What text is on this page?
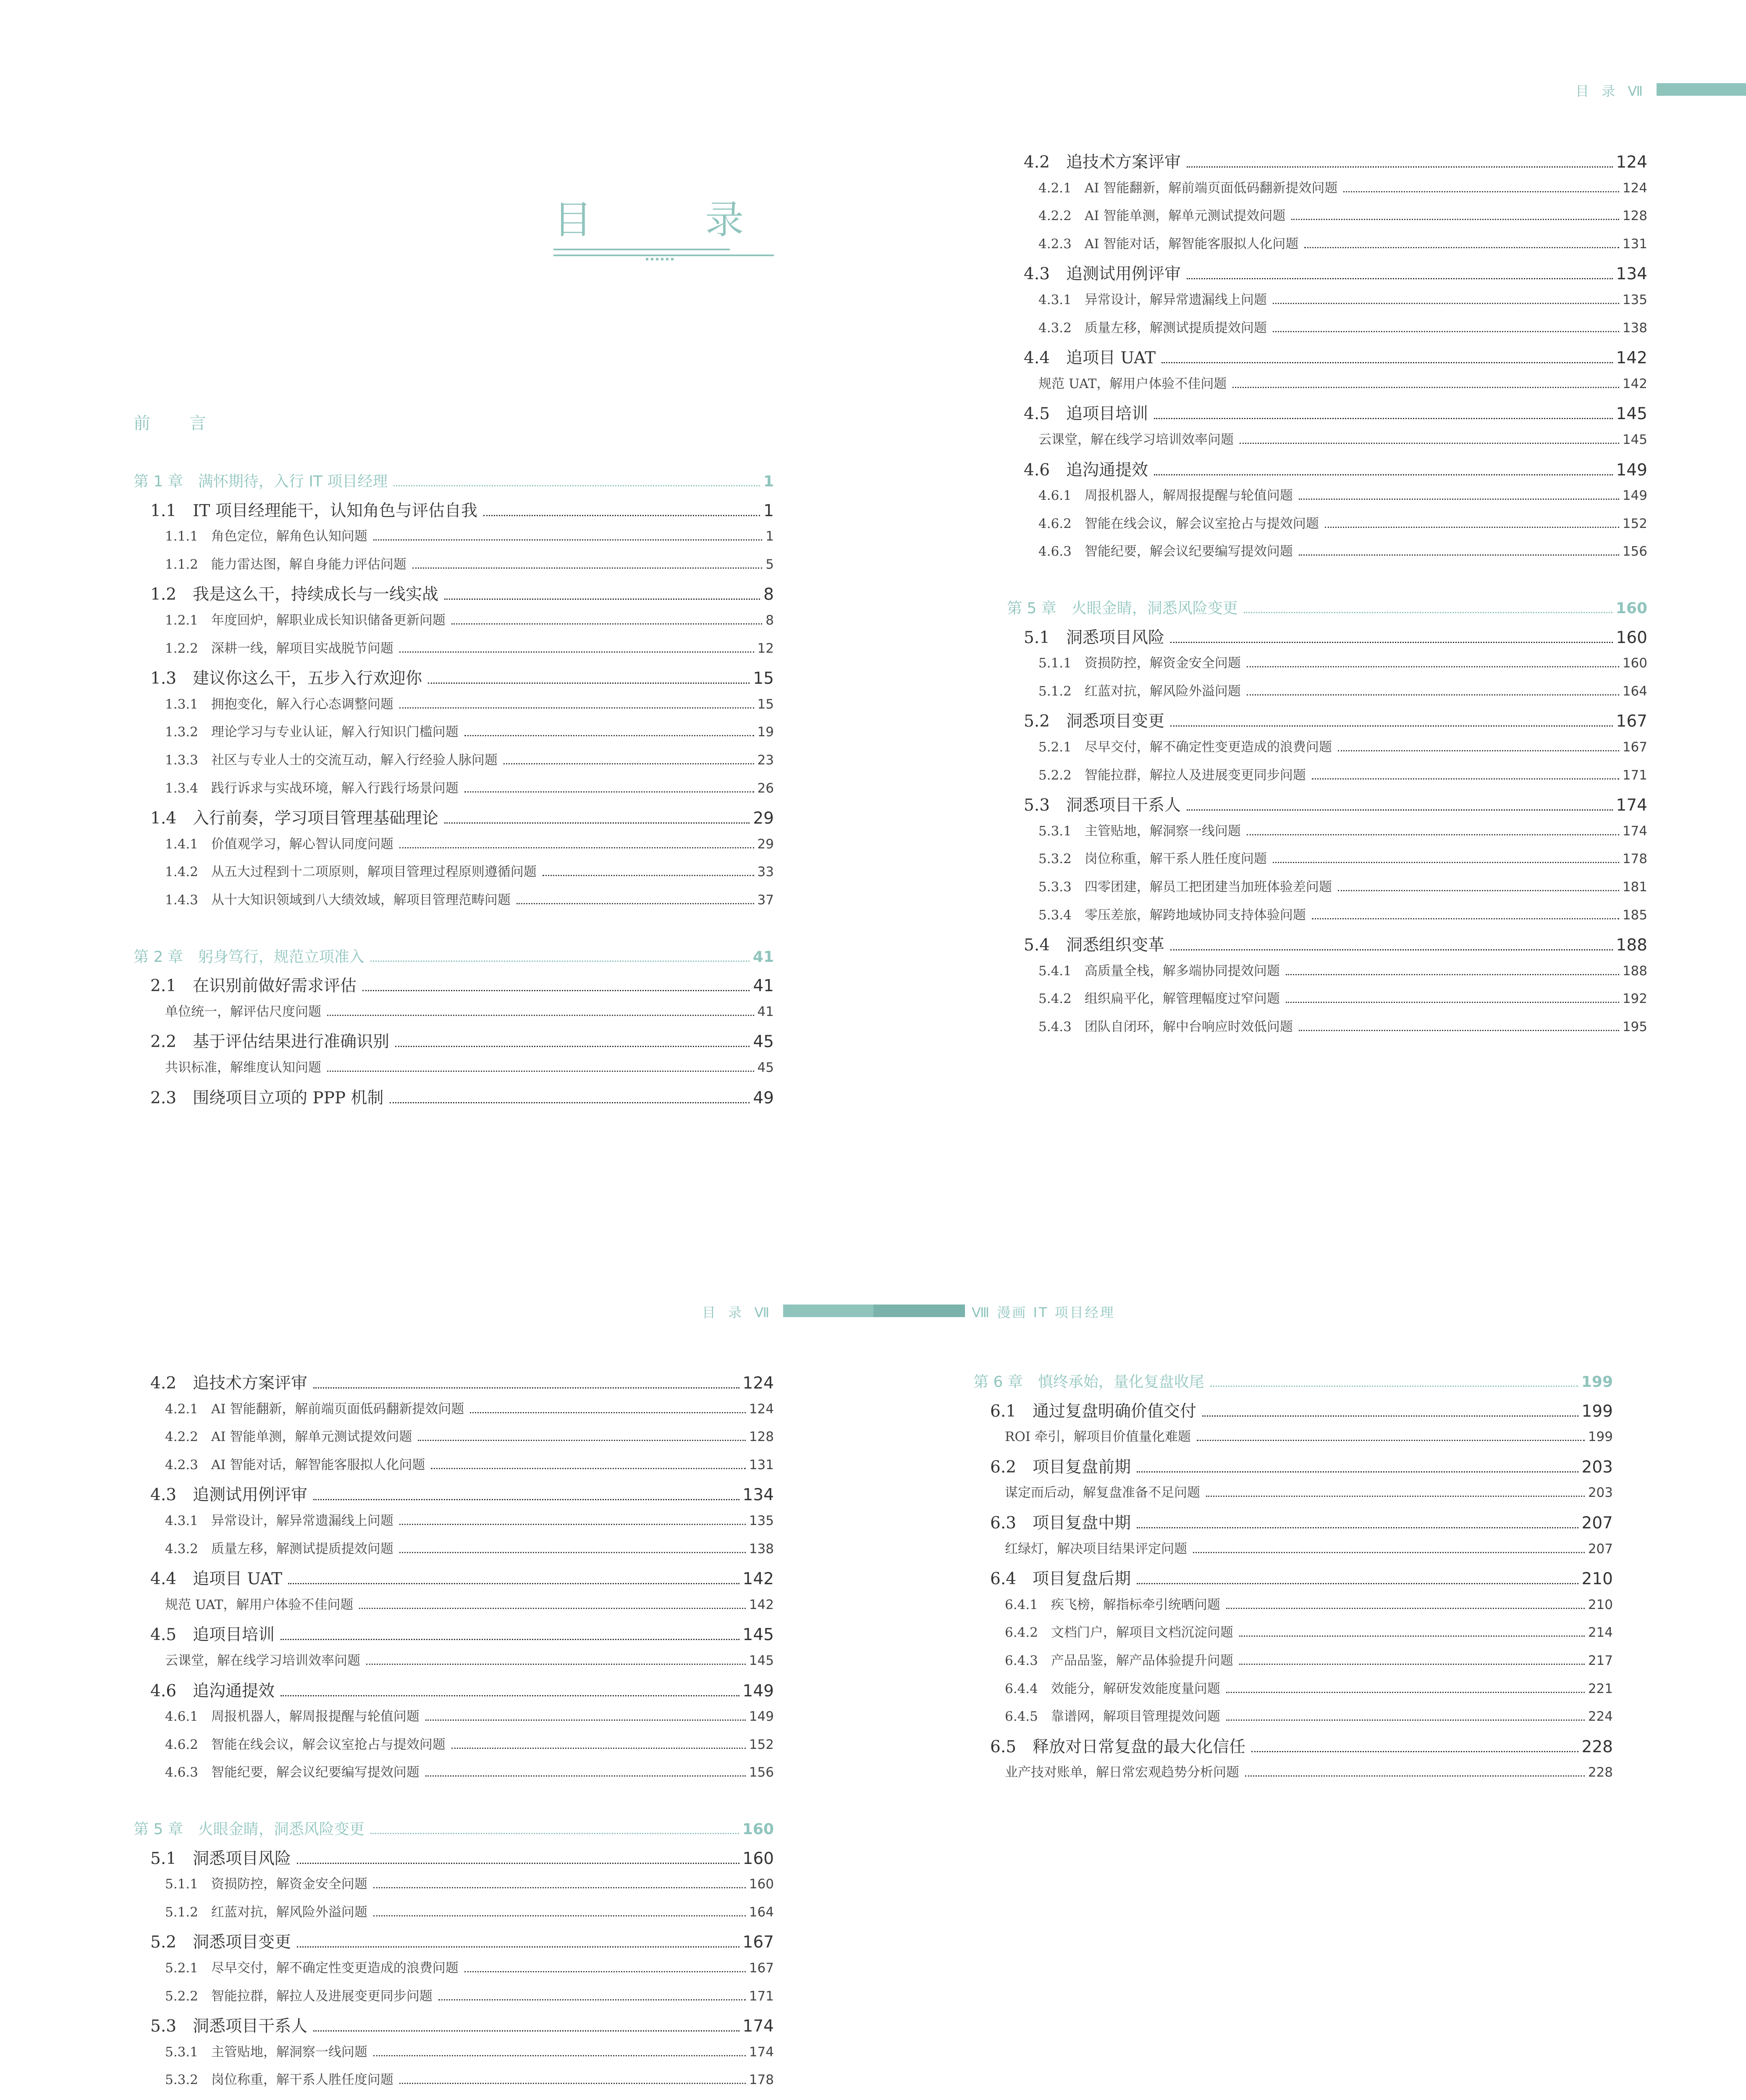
目 录 Ⅶ
目 录
前 言
第 1 章　满怀期待，入行 IT 项目经理	1
1.1　IT 项目经理能干，认知角色与评估自我	1
1.1.1　角色定位，解角色认知问题	1
1.1.2　能力雷达图，解自身能力评估问题	5
1.2　我是这么干，持续成长与一线实战	8
1.2.1　年度回炉，解职业成长知识储备更新问题	8
1.2.2　深耕一线，解项目实战脱节问题	12
1.3　建议你这么干，五步入行欢迎你	15
1.3.1　拥抱变化，解入行心态调整问题	15
1.3.2　理论学习与专业认证，解入行知识门槛问题	19
1.3.3　社区与专业人士的交流互动，解入行经验人脉问题	23
1.3.4　践行诉求与实战环境，解入行践行场景问题	26
1.4　入行前奏，学习项目管理基础理论	29
1.4.1　价值观学习，解心智认同度问题	29
1.4.2　从五大过程到十二项原则，解项目管理过程原则遵循问题	33
1.4.3　从十大知识领域到八大绩效域，解项目管理范畴问题	37
第 2 章　躬身笃行，规范立项准入	41
2.1　在识别前做好需求评估	41
单位统一，解评估尺度问题	41
2.2　基于评估结果进行准确识别	45
共识标准，解维度认知问题	45
2.3　围绕项目立项的 PPP 机制	49
4.2　追技术方案评审	124
4.2.1　AI 智能翻新，解前端页面低码翻新提效问题	124
4.2.2　AI 智能单测，解单元测试提效问题	128
4.2.3　AI 智能对话，解智能客服拟人化问题	131
4.3　追测试用例评审	134
4.3.1　异常设计，解异常遗漏线上问题	135
4.3.2　质量左移，解测试提质提效问题	138
4.4　追项目 UAT	142
规范 UAT，解用户体验不佳问题	142
4.5　追项目培训	145
云课堂，解在线学习培训效率问题	145
4.6　追沟通提效	149
4.6.1　周报机器人，解周报提醒与轮值问题	149
4.6.2　智能在线会议，解会议室抢占与提效问题	152
4.6.3　智能纪要，解会议纪要编写提效问题	156
第 5 章　火眼金睛，洞悉风险变更	160
5.1　洞悉项目风险	160
5.1.1　资损防控，解资金安全问题	160
5.1.2　红蓝对抗，解风险外溢问题	164
5.2　洞悉项目变更	167
5.2.1　尽早交付，解不确定性变更造成的浪费问题	167
5.2.2　智能拉群，解拉人及进展变更同步问题	171
5.3　洞悉项目干系人	174
5.3.1　主管贴地，解洞察一线问题	174
5.3.2　岗位称重，解干系人胜任度问题	178
5.3.3　四零团建，解员工把团建当加班体验差问题	181
5.3.4　零压差旅，解跨地域协同支持体验问题	185
5.4　洞悉组织变革	188
5.4.1　高质量全栈，解多端协同提效问题	188
5.4.2　组织扁平化，解管理幅度过窄问题	192
5.4.3　团队自闭环，解中台响应时效低问题	195
目 录 Ⅶ	Ⅷ 漫画 IT 项目经理
4.2　追技术方案评审	124
4.2.1　AI 智能翻新，解前端页面低码翻新提效问题	124
4.2.2　AI 智能单测，解单元测试提效问题	128
4.2.3　AI 智能对话，解智能客服拟人化问题	131
4.3　追测试用例评审	134
4.3.1　异常设计，解异常遗漏线上问题	135
4.3.2　质量左移，解测试提质提效问题	138
4.4　追项目 UAT	142
规范 UAT，解用户体验不佳问题	142
4.5　追项目培训	145
云课堂，解在线学习培训效率问题	145
4.6　追沟通提效	149
4.6.1　周报机器人，解周报提醒与轮值问题	149
4.6.2　智能在线会议，解会议室抢占与提效问题	152
4.6.3　智能纪要，解会议纪要编写提效问题	156
第 5 章　火眼金睛，洞悉风险变更	160
5.1　洞悉项目风险	160
5.1.1　资损防控，解资金安全问题	160
5.1.2　红蓝对抗，解风险外溢问题	164
5.2　洞悉项目变更	167
5.2.1　尽早交付，解不确定性变更造成的浪费问题	167
5.2.2　智能拉群，解拉人及进展变更同步问题	171
5.3　洞悉项目干系人	174
5.3.1　主管贴地，解洞察一线问题	174
5.3.2　岗位称重，解干系人胜任度问题	178
第 6 章　慎终承始，量化复盘收尾	199
6.1　通过复盘明确价值交付	199
ROI 牵引，解项目价值量化难题	199
6.2　项目复盘前期	203
谋定而后动，解复盘准备不足问题	203
6.3　项目复盘中期	207
红绿灯，解决项目结果评定问题	207
6.4　项目复盘后期	210
6.4.1　疾飞榜，解指标牵引统晒问题	210
6.4.2　文档门户，解项目文档沉淀问题	214
6.4.3　产品品鉴，解产品体验提升问题	217
6.4.4　效能分，解研发效能度量问题	221
6.4.5　靠谱网，解项目管理提效问题	224
6.5　释放对日常复盘的最大化信任	228
业产技对账单，解日常宏观趋势分析问题	228
